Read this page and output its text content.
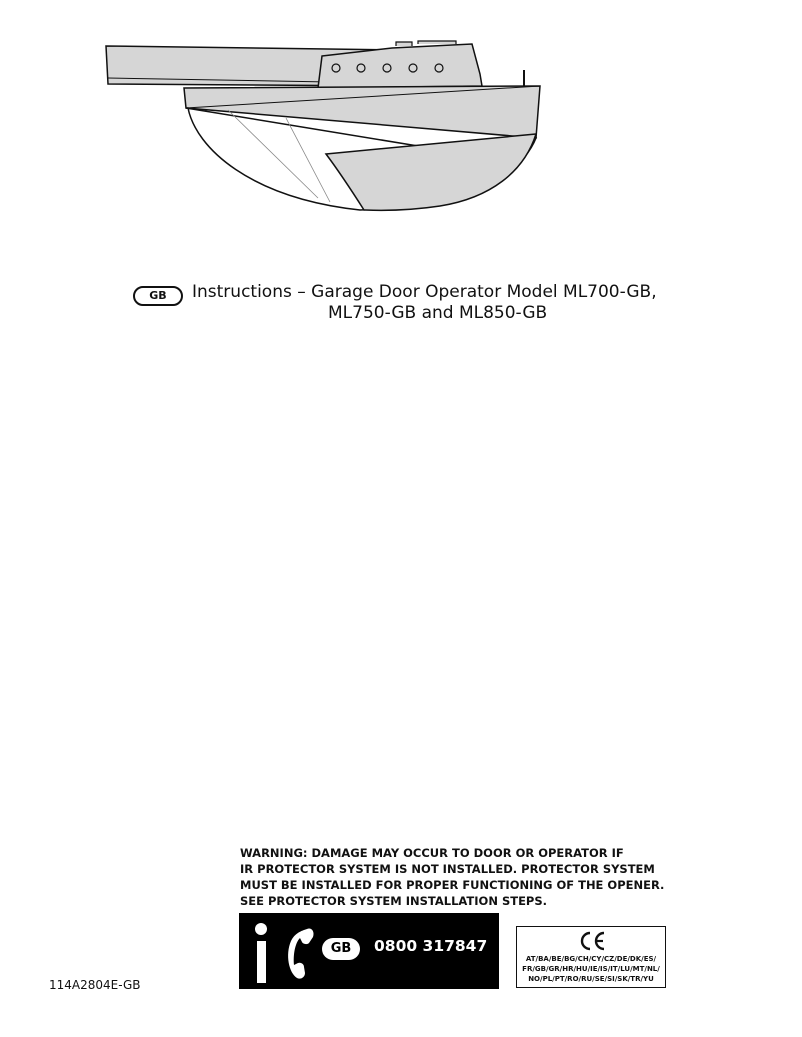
GB	Instructions – Garage Door Operator Model ML700-GB,
ML750-GB and ML850-GB
WARNING: DAMAGE MAY OCCUR TO DOOR OR OPERATOR IF
IR PROTECTOR SYSTEM IS NOT INSTALLED. PROTECTOR SYSTEM
MUST BE INSTALLED FOR PROPER FUNCTIONING OF THE OPENER.
SEE PROTECTOR SYSTEM INSTALLATION STEPS.
GB	0800 317847
AT/BA/BE/BG/CH/CY/CZ/DE/DK/ES/
FR/GB/GR/HR/HU/IE/IS/IT/LU/MT/NL/
NO/PL/PT/RO/RU/SE/SI/SK/TR/YU
114A2804E-GB
